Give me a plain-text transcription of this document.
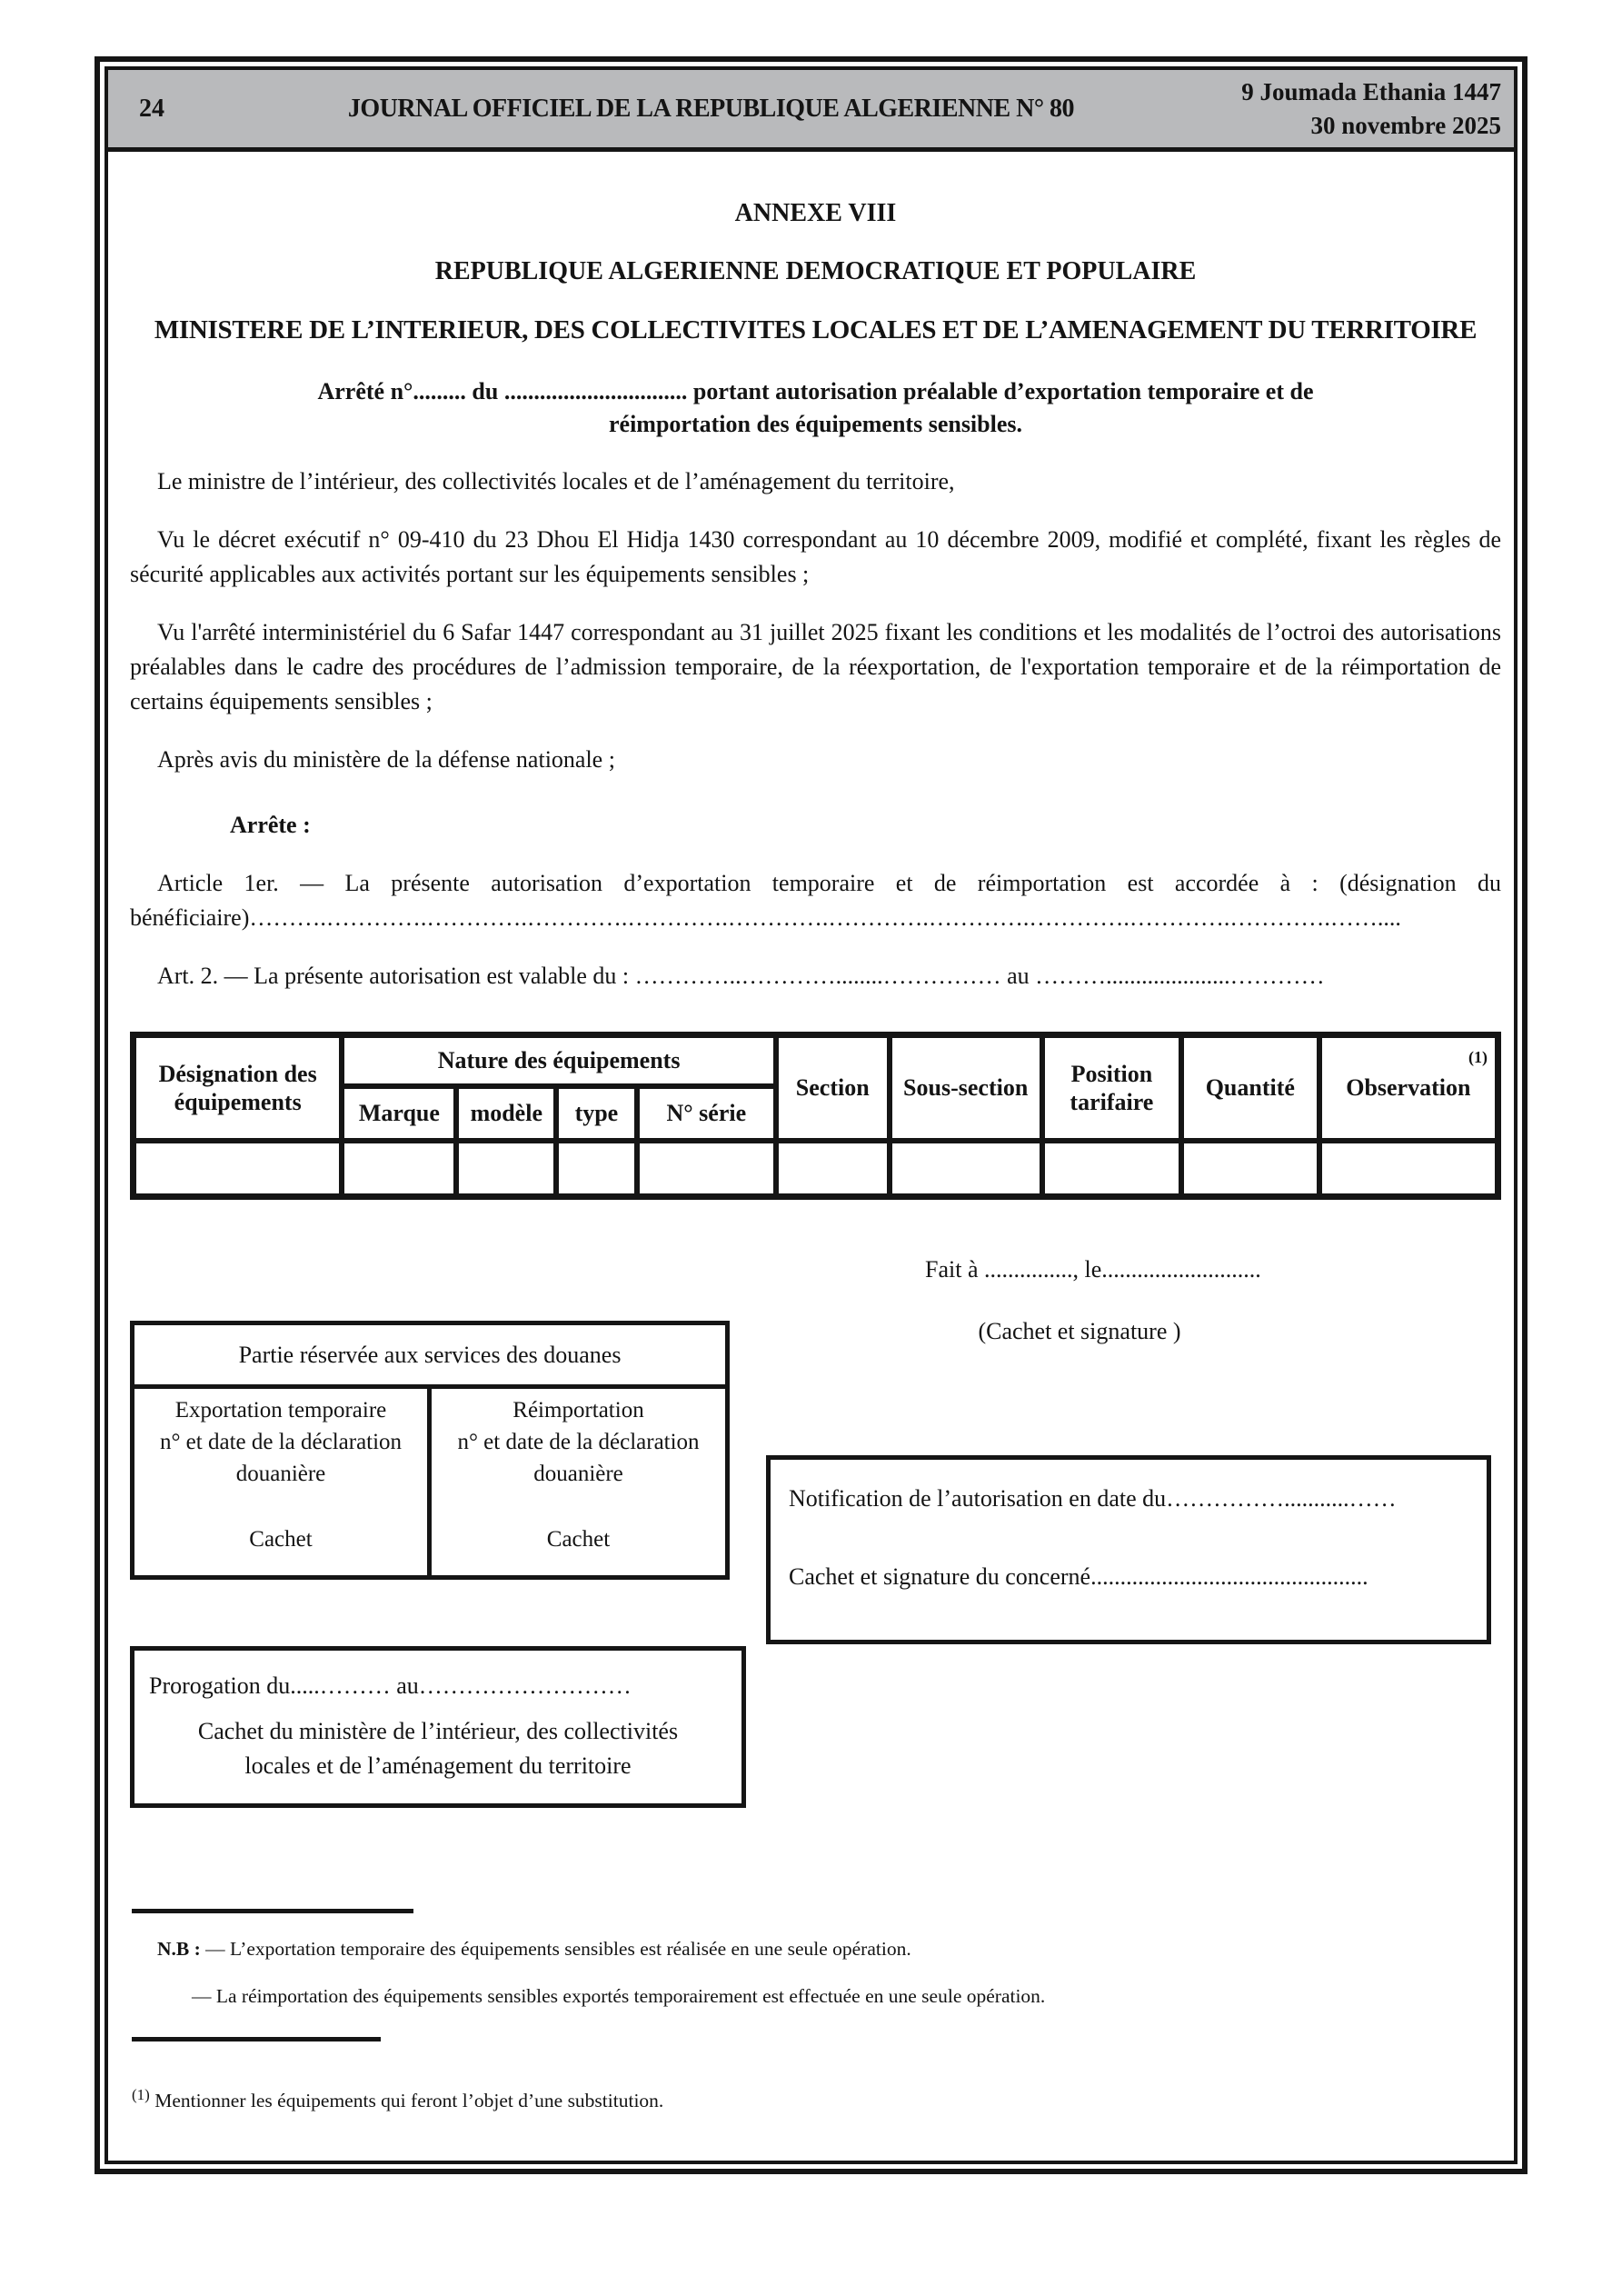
24	JOURNAL OFFICIEL DE LA REPUBLIQUE ALGERIENNE N° 80
9 Joumada Ethania 1447
30 novembre 2025
ANNEXE VIII
REPUBLIQUE ALGERIENNE DEMOCRATIQUE ET POPULAIRE
MINISTERE DE L’INTERIEUR, DES COLLECTIVITES LOCALES ET DE L’AMENAGEMENT DU TERRITOIRE
Arrêté n°......... du ............................... portant autorisation préalable d’exportation temporaire et de
réimportation des équipements sensibles.

Le ministre de l’intérieur, des collectivités locales et de l’aménagement du territoire,

Vu le décret exécutif n° 09-410 du 23 Dhou El Hidja 1430 correspondant au 10 décembre 2009, modifié et complété, fixant les règles de sécurité applicables aux activités portant sur les équipements sensibles ;

Vu l'arrêté interministériel du 6 Safar 1447 correspondant au 31 juillet 2025 fixant les conditions et les modalités de l’octroi des autorisations préalables dans le cadre des procédures de l’admission temporaire, de la réexportation, de l'exportation temporaire et de la réimportation de certains équipements sensibles ;

Après avis du ministère de la défense nationale ;

Arrête :
Article 1er. — La présente autorisation d’exportation temporaire et de réimportation est accordée à : (désignation du
bénéficiaire)……….………….………….………….………….………….………….………….………….………….………….……....
Art. 2. — La présente autorisation est valable du : …………..…………........…………… au ……….....................…………
Désignation des équipements	Nature des équipements				Section	Sous-section	Position tarifaire	Quantité	Observation
(1)

	Marque	modèle	type	N° série					

Fait à ..............., le...........................
(Cachet et signature )
Partie réservée aux services des douanes
Exportation temporaire
n° et date de la déclaration
douanière
Cachet
Réimportation
n° et date de la déclaration
douanière
Cachet
Notification de l’autorisation en date du……………...........……
Cachet et signature du concerné...............................................
Prorogation du.....……… au………………………
Cachet du ministère de l’intérieur, des collectivités
locales et de l’aménagement du territoire
N.B : — L’exportation temporaire des équipements sensibles est réalisée en une seule opération.
— La réimportation des équipements sensibles exportés temporairement est effectuée en une seule opération.
$^{(1)}$ Mentionner les équipements qui feront l’objet d’une substitution.
